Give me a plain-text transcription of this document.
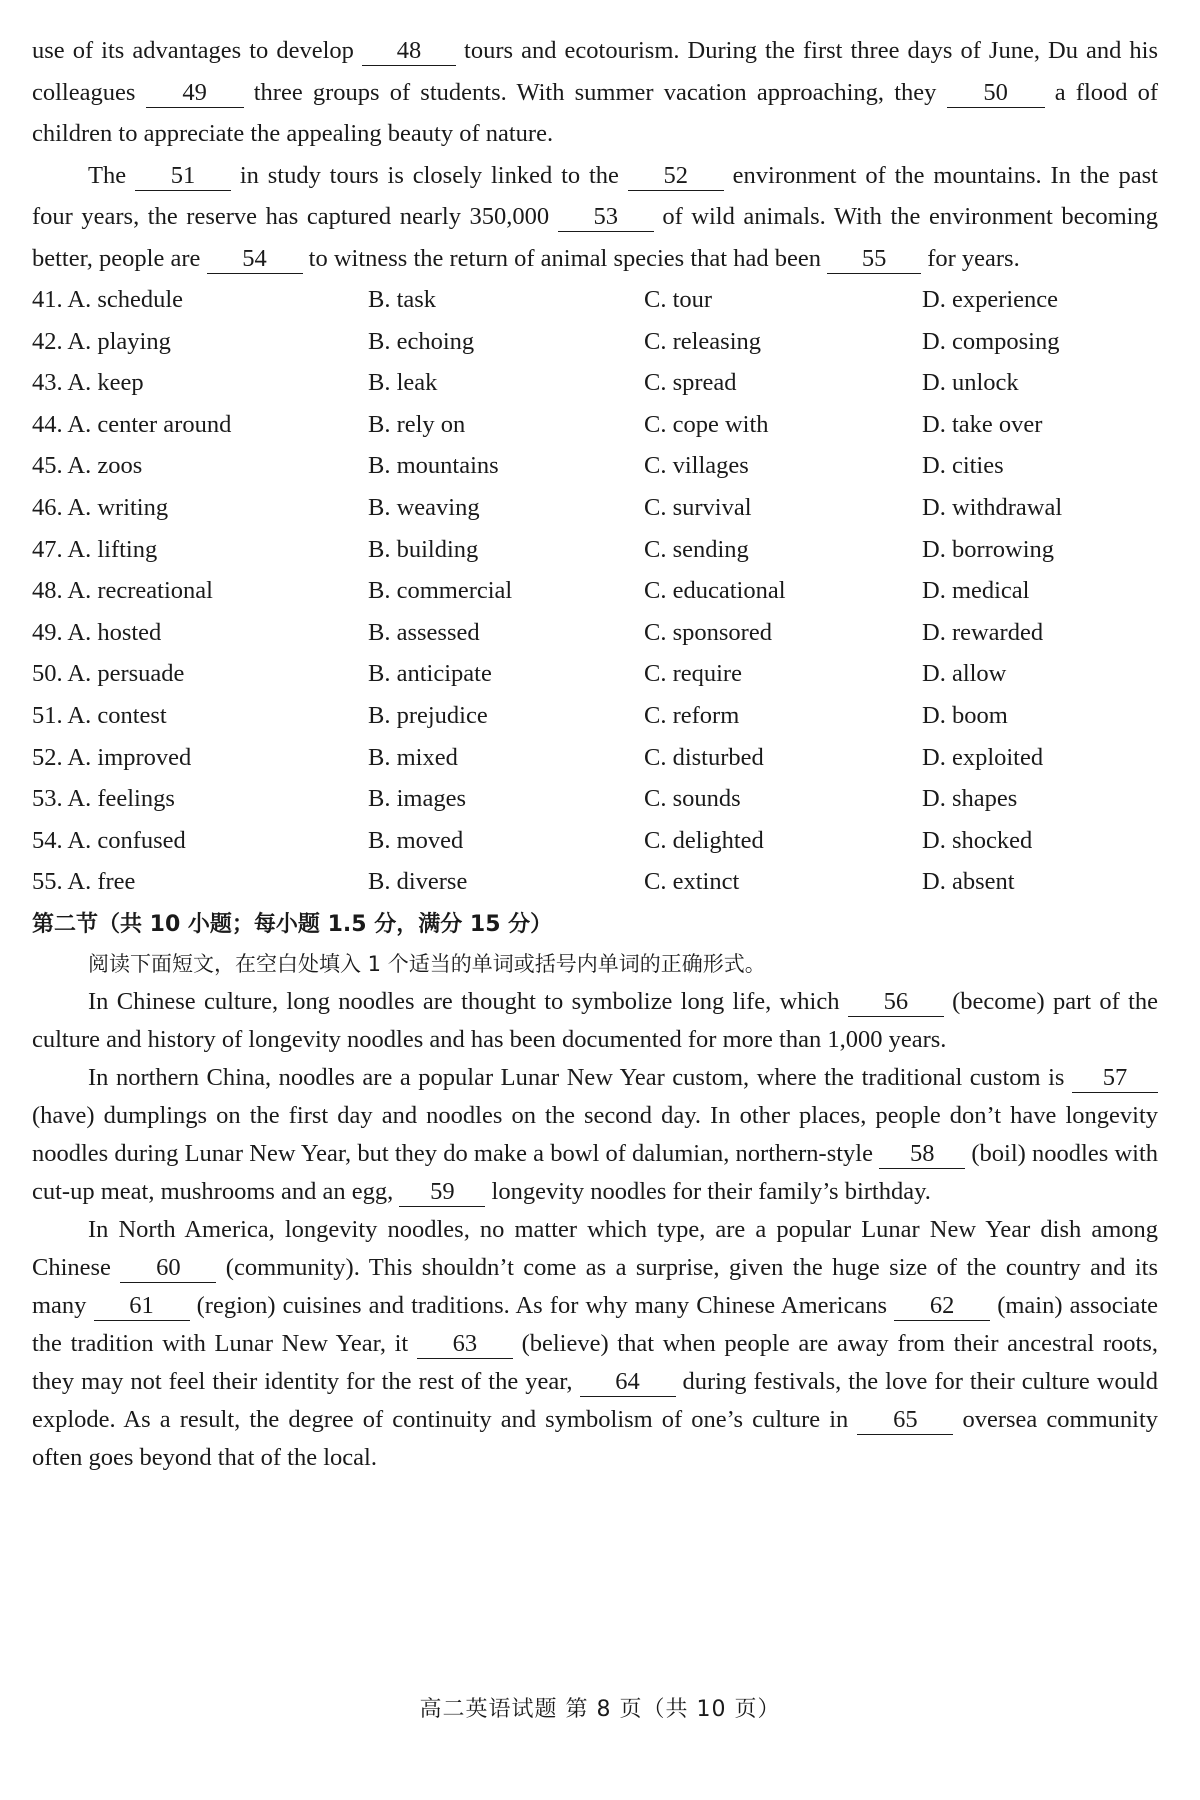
use of its advantages to develop 48 tours and ecotourism. During the first three days of June, Du and his colleagues 49 three groups of students. With summer vacation approaching, they 50 a flood of children to appreciate the appealing beauty of nature.

The 51 in study tours is closely linked to the 52 environment of the mountains. In the past four years, the reserve has captured nearly 350,000 53 of wild animals. With the environment becoming better, people are 54 to witness the return of animal species that had been 55 for years.

41. A. schedule	B. task	C. tour	D. experience
42. A. playing	B. echoing	C. releasing	D. composing
43. A. keep	B. leak	C. spread	D. unlock
44. A. center around	B. rely on	C. cope with	D. take over
45. A. zoos	B. mountains	C. villages	D. cities
46. A. writing	B. weaving	C. survival	D. withdrawal
47. A. lifting	B. building	C. sending	D. borrowing
48. A. recreational	B. commercial	C. educational	D. medical
49. A. hosted	B. assessed	C. sponsored	D. rewarded
50. A. persuade	B. anticipate	C. require	D. allow
51. A. contest	B. prejudice	C. reform	D. boom
52. A. improved	B. mixed	C. disturbed	D. exploited
53. A. feelings	B. images	C. sounds	D. shapes
54. A. confused	B. moved	C. delighted	D. shocked
55. A. free	B. diverse	C. extinct	D. absent
第二节（共 10 小题；每小题 1.5 分，满分 15 分）

阅读下面短文，在空白处填入 1 个适当的单词或括号内单词的正确形式。

In Chinese culture, long noodles are thought to symbolize long life, which 56 (become) part of the culture and history of longevity noodles and has been documented for more than 1,000 years.

In northern China, noodles are a popular Lunar New Year custom, where the traditional custom is 57 (have) dumplings on the first day and noodles on the second day. In other places, people don’t have longevity noodles during Lunar New Year, but they do make a bowl of dalumian, northern-style 58 (boil) noodles with cut-up meat, mushrooms and an egg, 59 longevity noodles for their family’s birthday.

In North America, longevity noodles, no matter which type, are a popular Lunar New Year dish among Chinese 60 (community). This shouldn’t come as a surprise, given the huge size of the country and its many 61 (region) cuisines and traditions. As for why many Chinese Americans 62 (main) associate the tradition with Lunar New Year, it 63 (believe) that when people are away from their ancestral roots, they may not feel their identity for the rest of the year, 64 during festivals, the love for their culture would explode. As a result, the degree of continuity and symbolism of one’s culture in 65 oversea community often goes beyond that of the local.

高二英语试题 第 8 页（共 10 页）
